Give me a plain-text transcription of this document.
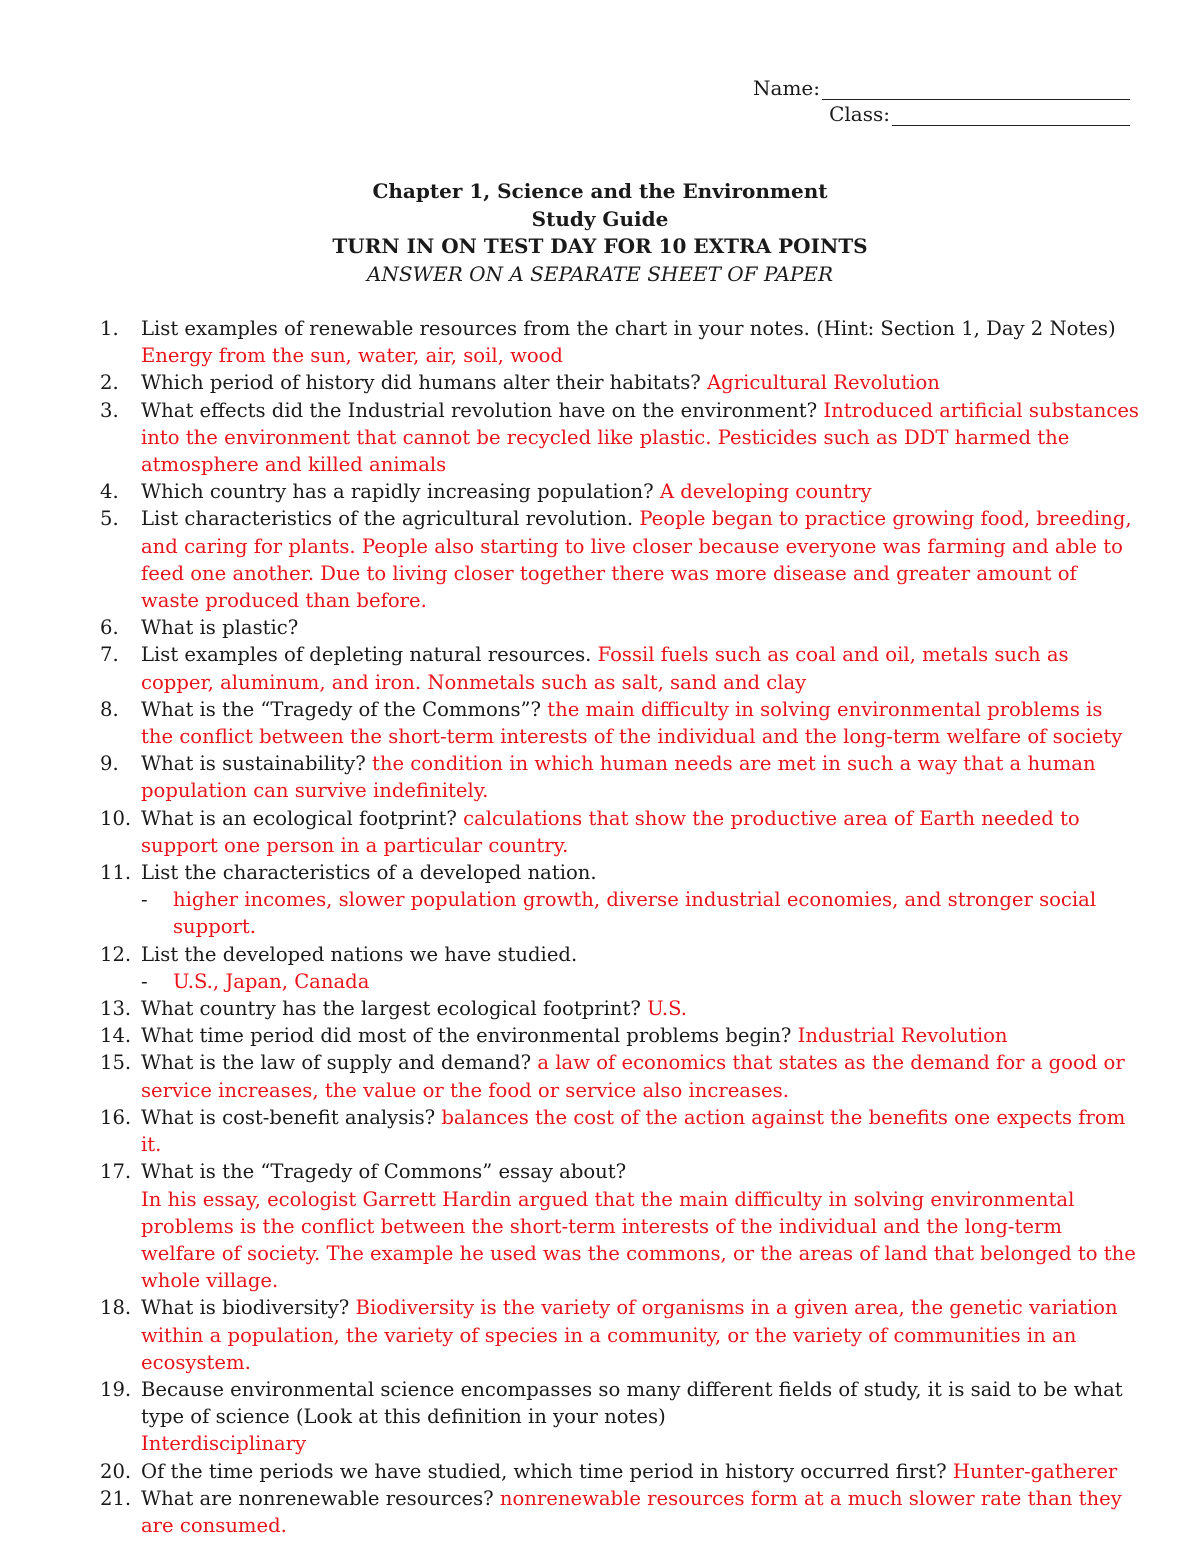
Name:
Class:
Chapter 1, Science and the Environment
Study Guide
TURN IN ON TEST DAY FOR 10 EXTRA POINTS
ANSWER ON A SEPARATE SHEET OF PAPER
1.	List examples of renewable resources from the chart in your notes. (Hint: Section 1, Day 2 Notes)
Energy from the sun, water, air, soil, wood
2.	Which period of history did humans alter their habitats? Agricultural Revolution
3.	What effects did the Industrial revolution have on the environment? Introduced artificial substances into the environment that cannot be recycled like plastic. Pesticides such as DDT harmed the atmosphere and killed animals
4.	Which country has a rapidly increasing population? A developing country
5.	List characteristics of the agricultural revolution. People began to practice growing food, breeding, and caring for plants. People also starting to live closer because everyone was farming and able to feed one another. Due to living closer together there was more disease and greater amount of waste produced than before.
6.	What is plastic?
7.	List examples of depleting natural resources. Fossil fuels such as coal and oil, metals such as copper, aluminum, and iron. Nonmetals such as salt, sand and clay
8.	What is the “Tragedy of the Commons”? the main difficulty in solving environmental problems is the conflict between the short-term interests of the individual and the long-term welfare of society
9.	What is sustainability? the condition in which human needs are met in such a way that a human population can survive indefinitely.
10. What is an ecological footprint? calculations that show the productive area of Earth needed to support one person in a particular country.
11. List the characteristics of a developed nation.
-	higher incomes, slower population growth, diverse industrial economies, and stronger social support.
12. List the developed nations we have studied.
-	U.S., Japan, Canada
13. What country has the largest ecological footprint? U.S.
14. What time period did most of the environmental problems begin? Industrial Revolution
15. What is the law of supply and demand? a law of economics that states as the demand for a good or service increases, the value or the food or service also increases.
16. What is cost-benefit analysis? balances the cost of the action against the benefits one expects from it.
17. What is the “Tragedy of Commons” essay about?
In his essay, ecologist Garrett Hardin argued that the main difficulty in solving environmental problems is the conflict between the short-term interests of the individual and the long-term welfare of society. The example he used was the commons, or the areas of land that belonged to the whole village.
18. What is biodiversity? Biodiversity is the variety of organisms in a given area, the genetic variation within a population, the variety of species in a community, or the variety of communities in an ecosystem.
19. Because environmental science encompasses so many different fields of study, it is said to be what type of science (Look at this definition in your notes)
Interdisciplinary
20. Of the time periods we have studied, which time period in history occurred first? Hunter-gatherer
21. What are nonrenewable resources? nonrenewable resources form at a much slower rate than they are consumed.
